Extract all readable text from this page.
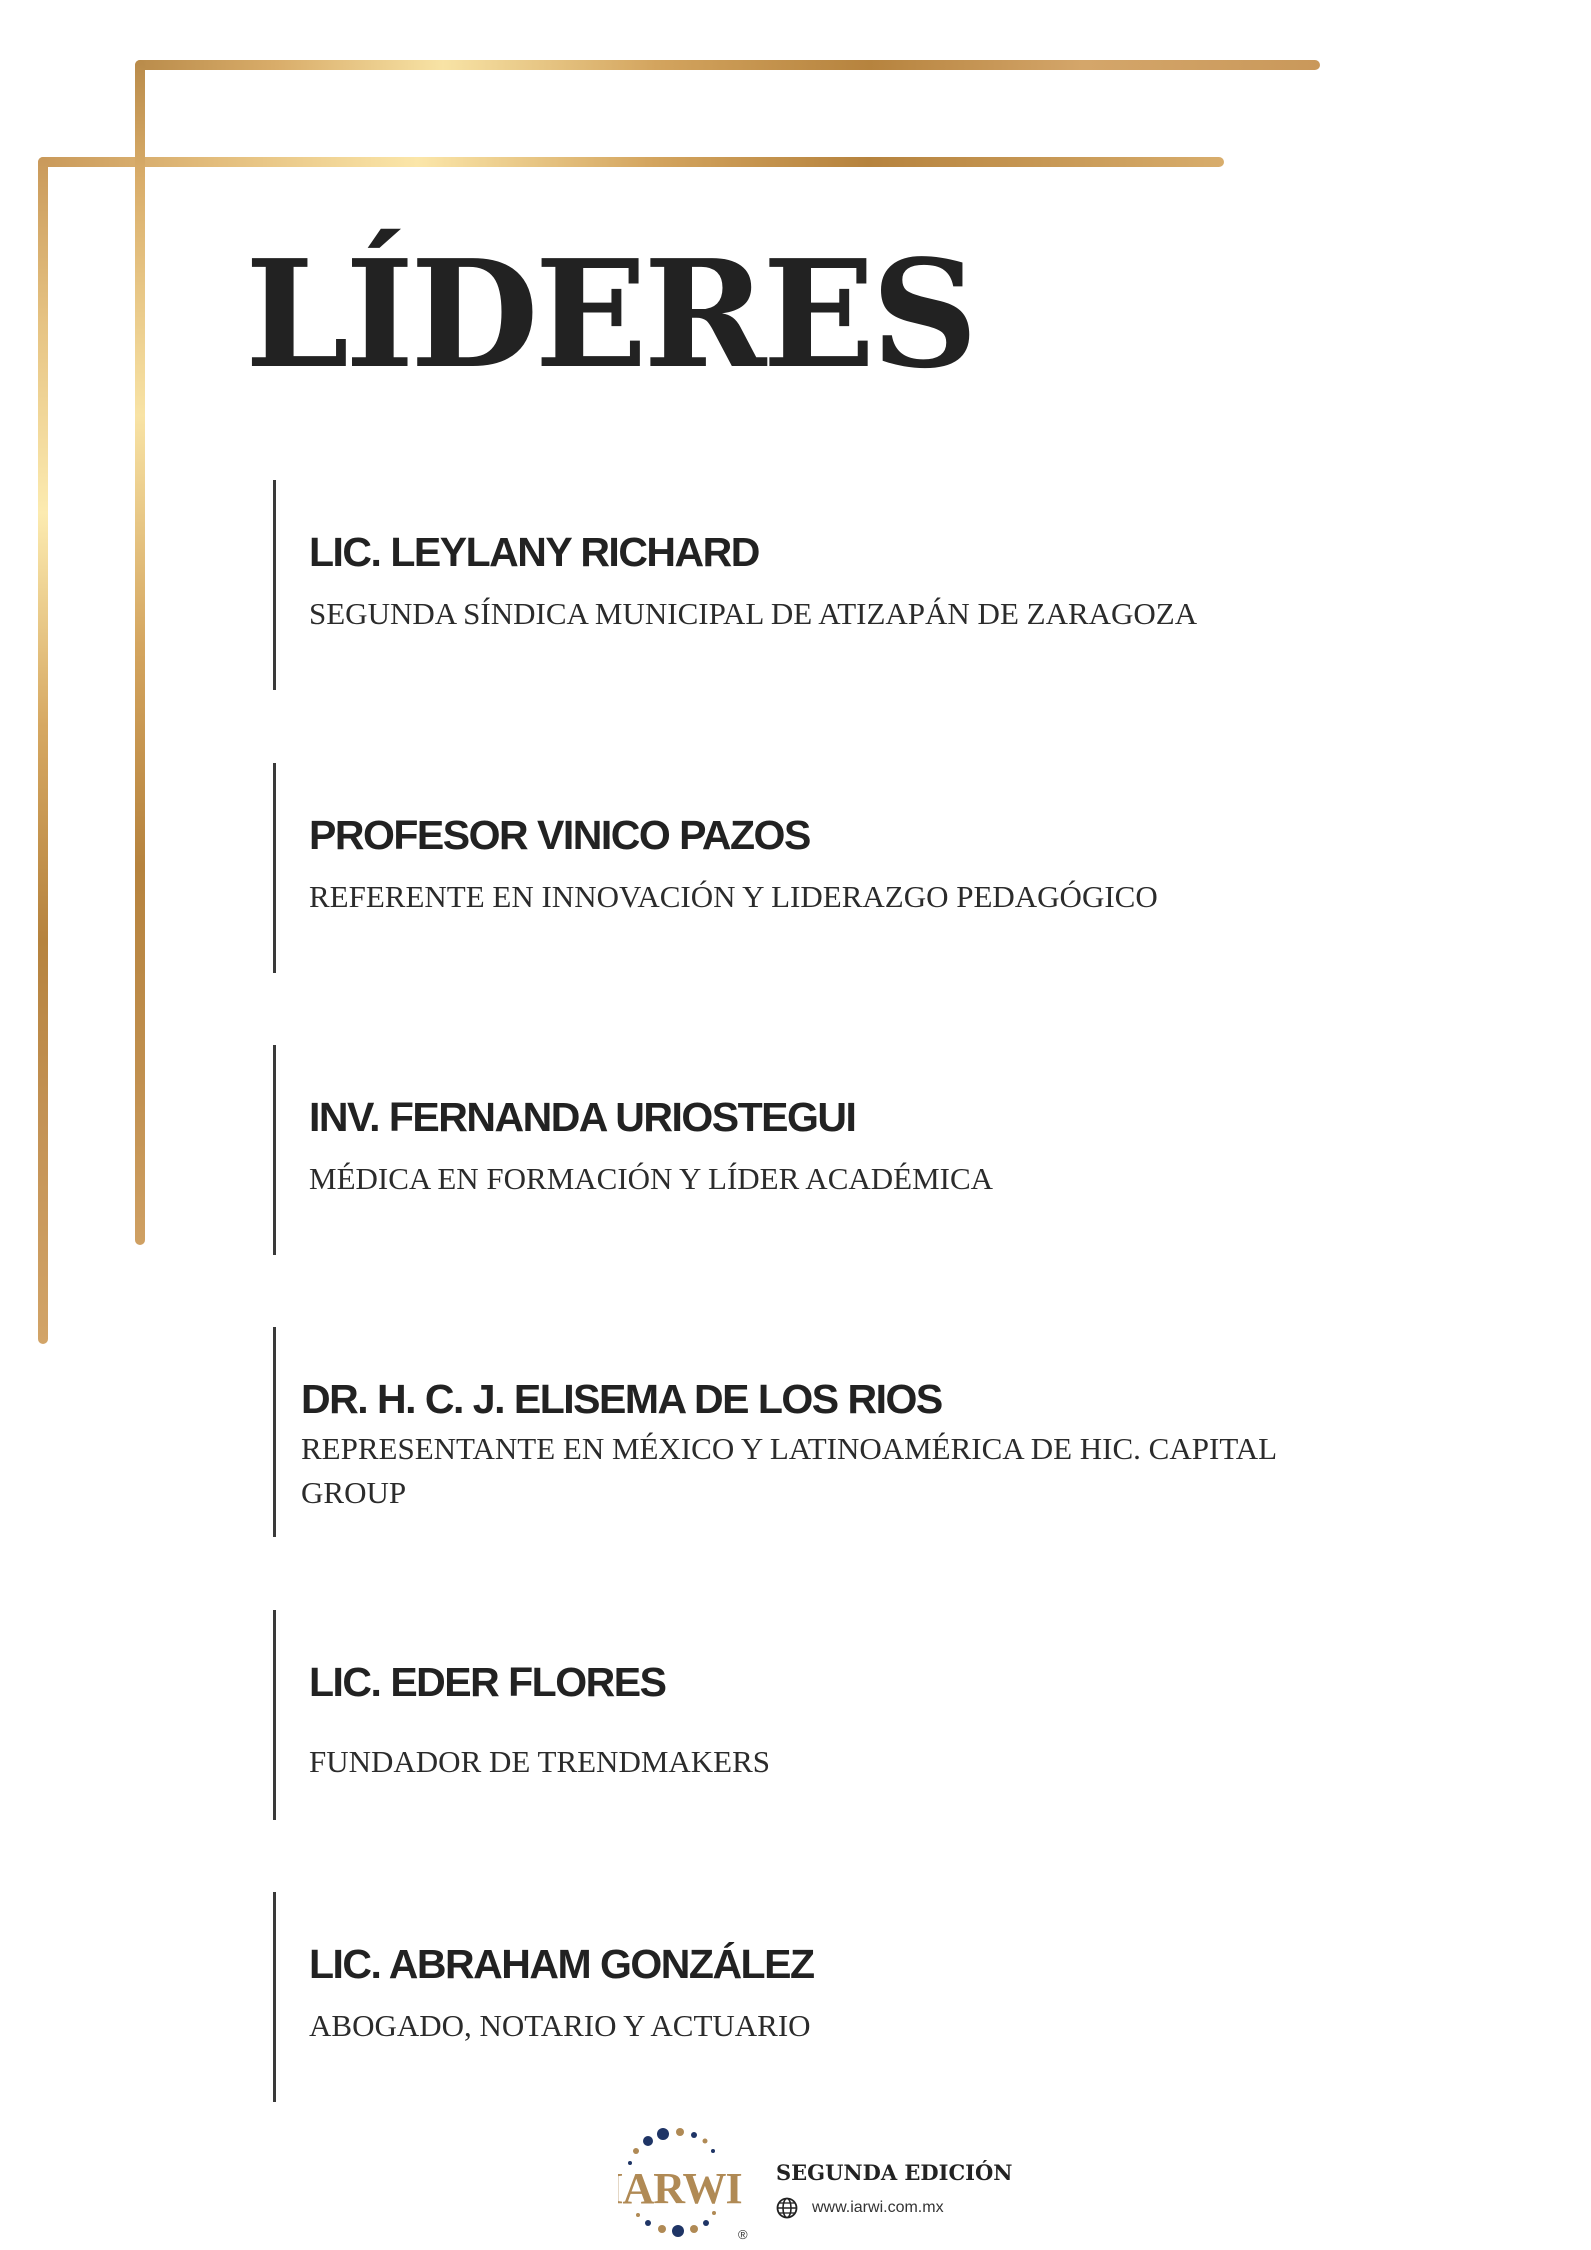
LÍDERES
LIC. LEYLANY RICHARD
SEGUNDA SÍNDICA MUNICIPAL DE ATIZAPÁN DE ZARAGOZA
PROFESOR VINICO PAZOS
REFERENTE EN INNOVACIÓN Y LIDERAZGO PEDAGÓGICO
INV. FERNANDA URIOSTEGUI
MÉDICA EN FORMACIÓN Y LÍDER ACADÉMICA
DR. H. C. J. ELISEMA DE LOS RIOS
REPRESENTANTE EN MÉXICO Y LATINOAMÉRICA DE HIC. CAPITAL GROUP
LIC. EDER FLORES
FUNDADOR DE TRENDMAKERS
LIC. ABRAHAM GONZÁLEZ
ABOGADO, NOTARIO Y ACTUARIO
IARWI
®
SEGUNDA EDICIÓN
www.iarwi.com.mx
